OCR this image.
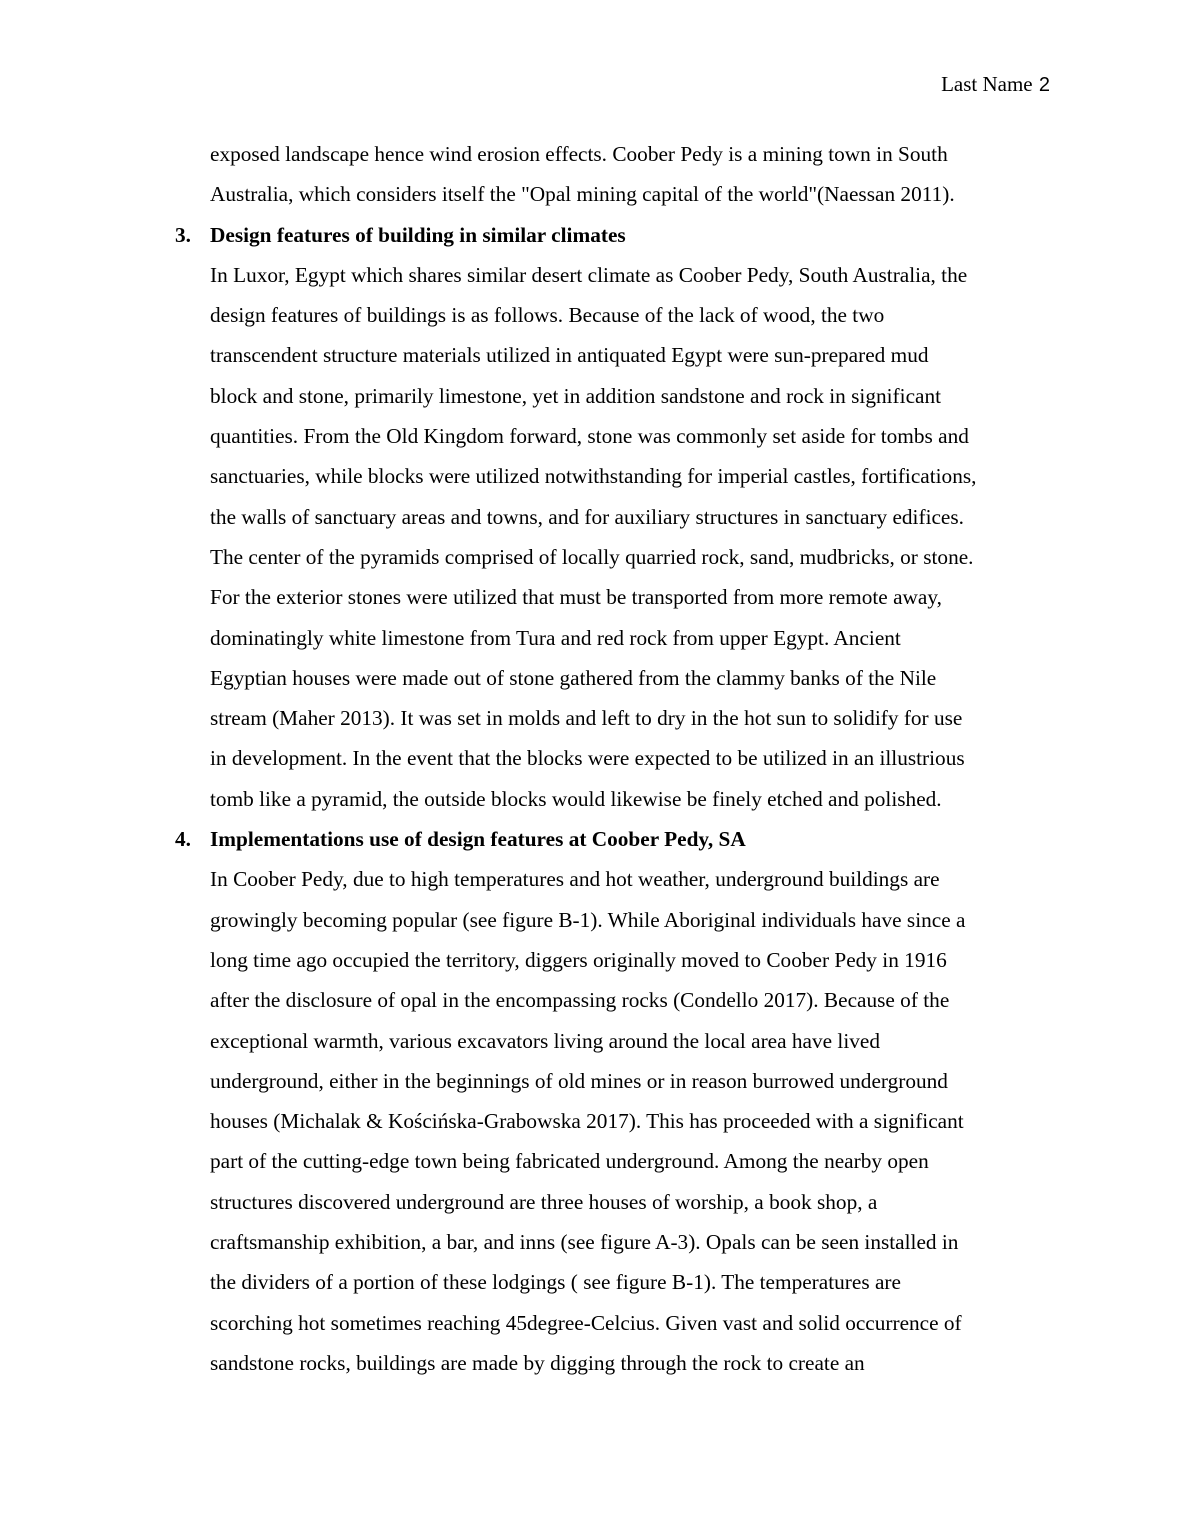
Last Name 2
exposed landscape hence wind erosion effects. Coober Pedy is a mining town in South
Australia, which considers itself the "Opal mining capital of the world"(Naessan 2011).
3. Design features of building in similar climates
In Luxor, Egypt which shares similar desert climate as Coober Pedy, South Australia, the
design features of buildings is as follows. Because of the lack of wood, the two
transcendent structure materials utilized in antiquated Egypt were sun-prepared mud
block and stone, primarily limestone, yet in addition sandstone and rock in significant
quantities. From the Old Kingdom forward, stone was commonly set aside for tombs and
sanctuaries, while blocks were utilized notwithstanding for imperial castles, fortifications,
the walls of sanctuary areas and towns, and for auxiliary structures in sanctuary edifices.
The center of the pyramids comprised of locally quarried rock, sand, mudbricks, or stone.
For the exterior stones were utilized that must be transported from more remote away,
dominatingly white limestone from Tura and red rock from upper Egypt. Ancient
Egyptian houses were made out of stone gathered from the clammy banks of the Nile
stream (Maher 2013). It was set in molds and left to dry in the hot sun to solidify for use
in development. In the event that the blocks were expected to be utilized in an illustrious
tomb like a pyramid, the outside blocks would likewise be finely etched and polished.
4. Implementations use of design features at Coober Pedy, SA
In Coober Pedy, due to high temperatures and hot weather, underground buildings are
growingly becoming popular (see figure B-1). While Aboriginal individuals have since a
long time ago occupied the territory, diggers originally moved to Coober Pedy in 1916
after the disclosure of opal in the encompassing rocks (Condello 2017). Because of the
exceptional warmth, various excavators living around the local area have lived
underground, either in the beginnings of old mines or in reason burrowed underground
houses (Michalak & Kościńska-Grabowska 2017). This has proceeded with a significant
part of the cutting-edge town being fabricated underground. Among the nearby open
structures discovered underground are three houses of worship, a book shop, a
craftsmanship exhibition, a bar, and inns (see figure A-3). Opals can be seen installed in
the dividers of a portion of these lodgings ( see figure B-1). The temperatures are
scorching hot sometimes reaching 45degree-Celcius. Given vast and solid occurrence of
sandstone rocks, buildings are made by digging through the rock to create an
